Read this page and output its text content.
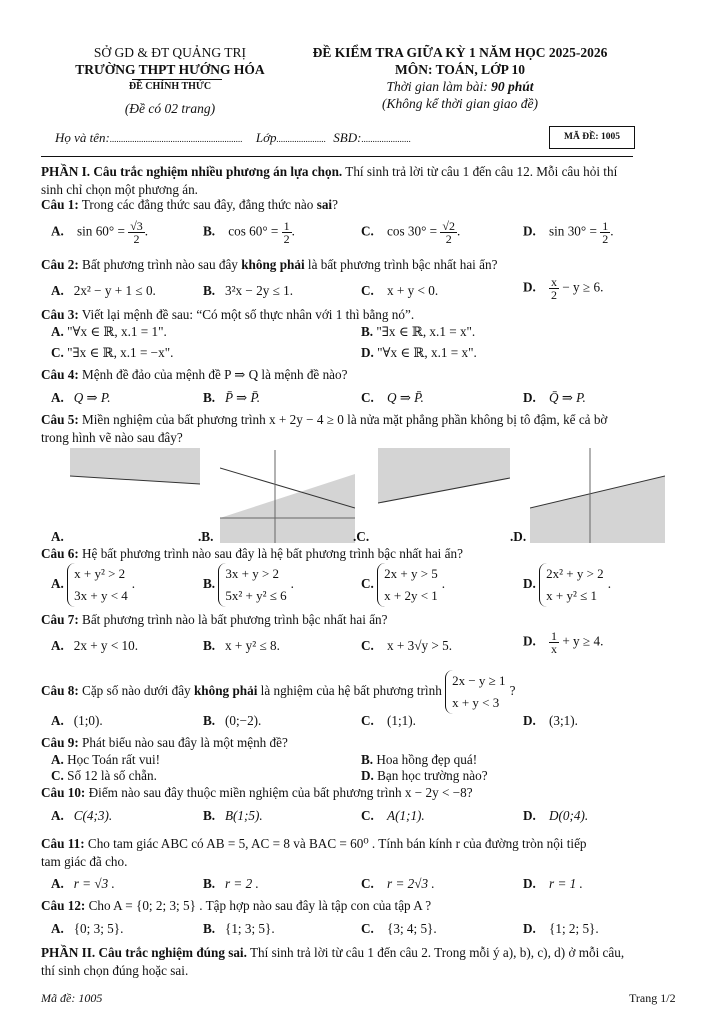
SỞ GD & ĐT QUẢNG TRỊ
TRƯỜNG THPT HƯỚNG HÓA
ĐỀ CHÍNH THỨC
(Đề có 02 trang)
ĐỀ KIỂM TRA GIỮA KỲ 1 NĂM HỌC 2025-2026
MÔN: TOÁN, LỚP 10
Thời gian làm bài: 90 phút
(Không kể thời gian giao đề)
Họ và tên:........................................................... Lớp...................... SBD:......................	MÃ ĐỀ: 1005
PHẦN I. Câu trắc nghiệm nhiều phương án lựa chọn. Thí sinh trả lời từ câu 1 đến câu 12. Mỗi câu hỏi thí
sinh chỉ chọn một phương án.
Câu 1: Trong các đẳng thức sau đây, đẳng thức nào sai?
A. $\sin 60^\circ = \frac{√3}{2}$ .	B. $\cos 60^\circ = \frac{1}{2}$ .	C. $\cos 30^\circ = \frac{√2}{2}$ .	D. $\sin 30^\circ = \frac{1}{2}$ .
Câu 2: Bất phương trình nào sau đây không phải là bất phương trình bậc nhất hai ẩn?
A. 2x² − y + 1 ≤ 0.	B. 3²x − 2y ≤ 1.	C. x + y < 0.	D. $\frac{x}{2} - y \ge 6$.
Câu 3: Viết lại mệnh đề sau: “Có một số thực nhân với 1 thì bằng nó”.
A. "∀x ∈ ℝ, x.1 = 1".	B. "∃x ∈ ℝ, x.1 = x".
C. "∃x ∈ ℝ, x.1 = −x".	D. "∀x ∈ ℝ, x.1 = x".
Câu 4: Mệnh đề đảo của mệnh đề P ⇒ Q là mệnh đề nào?
A. Q ⇒ P.	B. P̄ ⇒ P̄.	C. Q ⇒ P̄.	D. Q̄ ⇒ P.
Câu 5: Miền nghiệm của bất phương trình x + 2y − 4 ≥ 0 là nửa mặt phẳng phần không bị tô đậm, kể cả bờ
trong hình vẽ nào sau đây?
A.	.B.	.C.	.D.
Câu 6: Hệ bất phương trình nào sau đây là hệ bất phương trình bậc nhất hai ẩn?
A.
x + y² > 2
3x + y < 4
.	B.
3x + y > 2
5x² + y² ≤ 6
.	C.
2x + y > 5
x + 2y < 1
.	D.
2x² + y > 2
x + y² ≤ 1
.
Câu 7: Bất phương trình nào là bất phương trình bậc nhất hai ẩn?
A. 2x + y < 10.	B. x + y² ≤ 8.	C. x + 3√y > 5.	D. $\frac{1}{x} + y \ge 4$.
Câu 8: Cặp số nào dưới đây không phải là nghiệm của hệ bất phương trình
2x − y ≥ 1
x + y < 3
?
A. (1;0).	B. (0;−2).	C. (1;1).	D. (3;1).
Câu 9: Phát biểu nào sau đây là một mệnh đề?
A. Học Toán rất vui!	B. Hoa hồng đẹp quá!
C. Số 12 là số chẵn.	D. Bạn học trường nào?
Câu 10: Điểm nào sau đây thuộc miền nghiệm của bất phương trình x − 2y < −8?
A. C(4;3).	B. B(1;5).	C. A(1;1).	D. D(0;4).
Câu 11: Cho tam giác ABC có AB = 5, AC = 8 và BAC = 60⁰ . Tính bán kính r của đường tròn nội tiếp
tam giác đã cho.
A. r = √3 .	B. r = 2 .	C. r = 2√3 .	D. r = 1 .
Câu 12: Cho A = {0; 2; 3; 5} . Tập hợp nào sau đây là tập con của tập A ?
A. {0; 3; 5}.	B. {1; 3; 5}.	C. {3; 4; 5}.	D. {1; 2; 5}.
PHẦN II. Câu trắc nghiệm đúng sai. Thí sinh trả lời từ câu 1 đến câu 2. Trong mỗi ý a), b), c), d) ở mỗi câu,
thí sinh chọn đúng hoặc sai.
Mã đề: 1005	Trang 1/2
